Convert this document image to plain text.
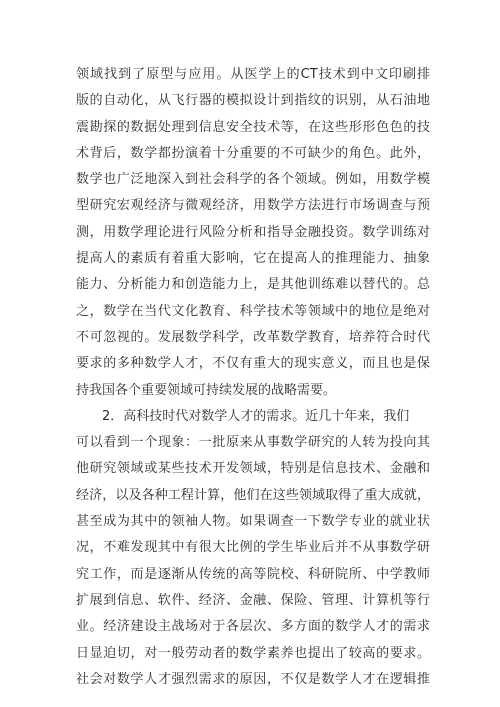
领域找到了原型与应用。从医学上的CT技术到中文印刷排
版的自动化，从飞行器的模拟设计到指纹的识别，从石油地
震勘探的数据处理到信息安全技术等，在这些形形色色的技
术背后，数学都扮演着十分重要的不可缺少的角色。此外，
数学也广泛地深入到社会科学的各个领域。例如，用数学模
型研究宏观经济与微观经济，用数学方法进行市场调查与预
测，用数学理论进行风险分析和指导金融投资。数学训练对
提高人的素质有着重大影响，它在提高人的推理能力、抽象
能力、分析能力和创造能力上，是其他训练难以替代的。总
之，数学在当代文化教育、科学技术等领域中的地位是绝对
不可忽视的。发展数学科学，改革数学教育，培养符合时代
要求的多种数学人才，不仅有重大的现实意义，而且也是保
持我国各个重要领域可持续发展的战略需要。
　　2．高科技时代对数学人才的需求。近几十年来，我们
可以看到一个现象：一批原来从事数学研究的人转为投向其
他研究领域或某些技术开发领域，特别是信息技术、金融和
经济，以及各种工程计算，他们在这些领域取得了重大成就，
甚至成为其中的领袖人物。如果调查一下数学专业的就业状
况，不难发现其中有很大比例的学生毕业后并不从事数学研
究工作，而是逐渐从传统的高等院校、科研院所、中学教师
扩展到信息、软件、经济、金融、保险、管理、计算机等行
业。经济建设主战场对于各层次、多方面的数学人才的需求
日显迫切，对一般劳动者的数学素养也提出了较高的要求。
社会对数学人才强烈需求的原因，不仅是数学人才在逻辑推
